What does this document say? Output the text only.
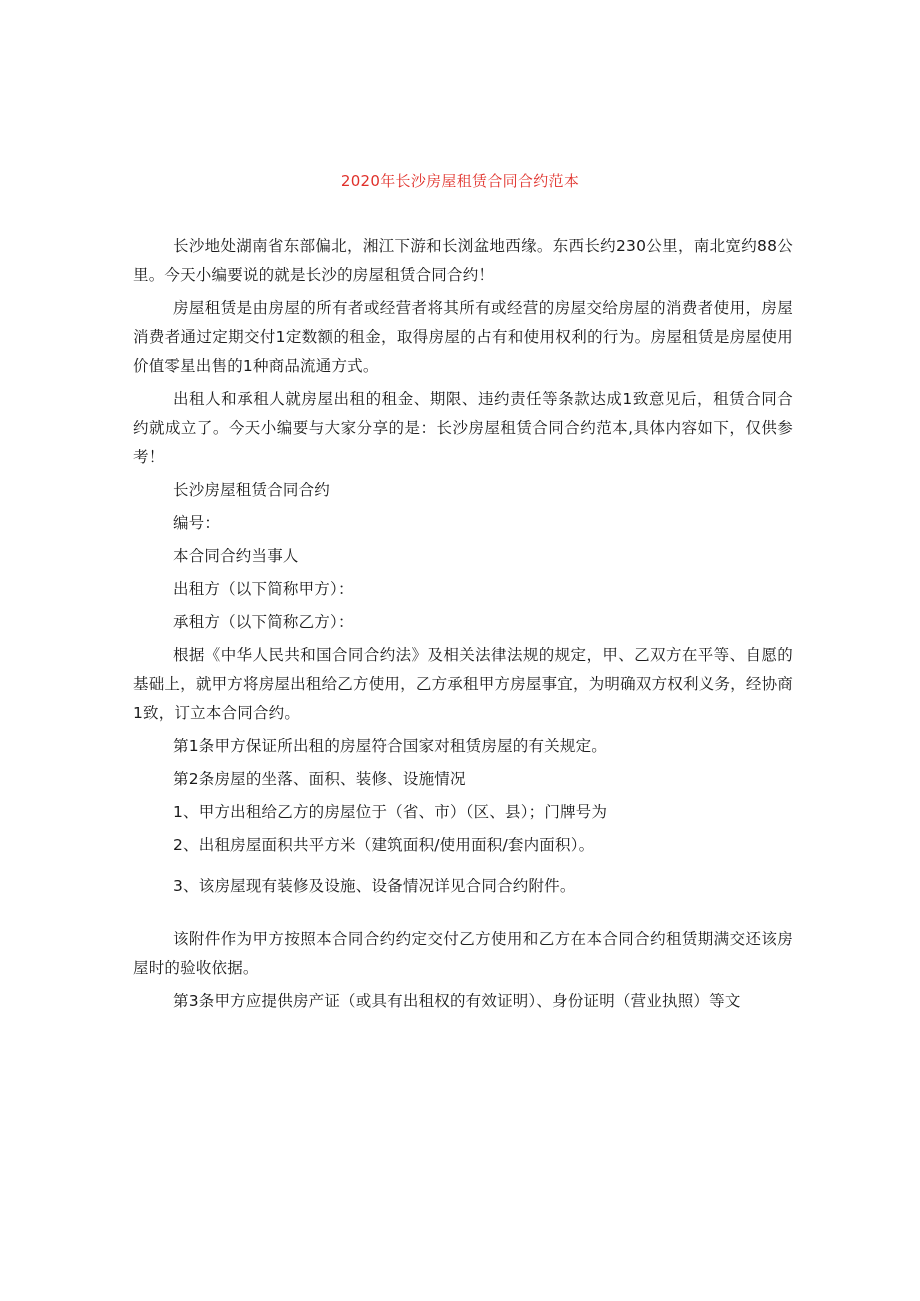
2020年长沙房屋租赁合同合约范本

长沙地处湖南省东部偏北，湘江下游和长浏盆地西缘。东西长约230公里，南北宽约88公里。今天小编要说的就是长沙的房屋租赁合同合约！

房屋租赁是由房屋的所有者或经营者将其所有或经营的房屋交给房屋的消费者使用，房屋消费者通过定期交付1定数额的租金，取得房屋的占有和使用权利的行为。房屋租赁是房屋使用价值零星出售的1种商品流通方式。

出租人和承租人就房屋出租的租金、期限、违约责任等条款达成1致意见后，租赁合同合约就成立了。今天小编要与大家分享的是：长沙房屋租赁合同合约范本,具体内容如下，仅供参考！

长沙房屋租赁合同合约

编号：

本合同合约当事人

出租方（以下简称甲方）：

承租方（以下简称乙方）：

根据《中华人民共和国合同合约法》及相关法律法规的规定，甲、乙双方在平等、自愿的基础上，就甲方将房屋出租给乙方使用，乙方承租甲方房屋事宜，为明确双方权利义务，经协商1致，订立本合同合约。

第1条甲方保证所出租的房屋符合国家对租赁房屋的有关规定。

第2条房屋的坐落、面积、装修、设施情况

1、甲方出租给乙方的房屋位于（省、市）（区、县）；门牌号为

2、出租房屋面积共平方米（建筑面积/使用面积/套内面积）。

3、该房屋现有装修及设施、设备情况详见合同合约附件。

该附件作为甲方按照本合同合约约定交付乙方使用和乙方在本合同合约租赁期满交还该房屋时的验收依据。

第3条甲方应提供房产证（或具有出租权的有效证明）、身份证明（营业执照）等文
